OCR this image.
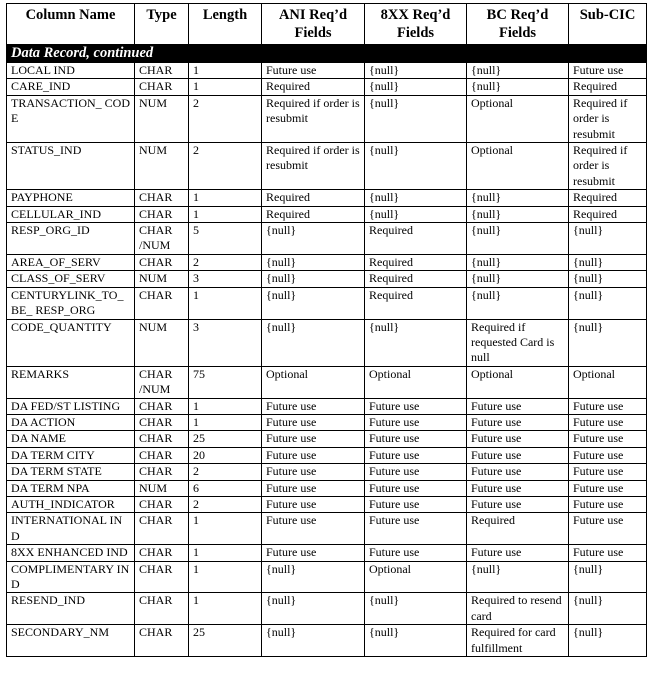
Column Name	Type	Length	ANI Req’d Fields	8XX Req’d Fields	BC Req’d Fields	Sub-CIC
Data Record, continued						
LOCAL IND	CHAR	1	Future use	{null}	{null}	Future use
CARE_IND	CHAR	1	Required	{null}	{null}	Required
TRANSACTION_ CODE	NUM	2	Required if order is resubmit	{null}	Optional	Required if order is resubmit
STATUS_IND	NUM	2	Required if order is resubmit	{null}	Optional	Required if order is resubmit
PAYPHONE	CHAR	1	Required	{null}	{null}	Required
CELLULAR_IND	CHAR	1	Required	{null}	{null}	Required
RESP_ORG_ID	CHAR /NUM	5	{null}	Required	{null}	{null}
AREA_OF_SERV	CHAR	2	{null}	Required	{null}	{null}
CLASS_OF_SERV	NUM	3	{null}	Required	{null}	{null}
CENTURYLINK_TO_BE_ RESP_ORG	CHAR	1	{null}	Required	{null}	{null}
CODE_QUANTITY	NUM	3	{null}	{null}	Required if requested Card is null	{null}
REMARKS	CHAR /NUM	75	Optional	Optional	Optional	Optional
DA FED/ST LISTING	CHAR	1	Future use	Future use	Future use	Future use
DA ACTION	CHAR	1	Future use	Future use	Future use	Future use
DA NAME	CHAR	25	Future use	Future use	Future use	Future use
DA TERM CITY	CHAR	20	Future use	Future use	Future use	Future use
DA TERM STATE	CHAR	2	Future use	Future use	Future use	Future use
DA TERM NPA	NUM	6	Future use	Future use	Future use	Future use
AUTH_INDICATOR	CHAR	2	Future use	Future use	Future use	Future use
INTERNATIONAL IND	CHAR	1	Future use	Future use	Required	Future use
8XX ENHANCED IND	CHAR	1	Future use	Future use	Future use	Future use
COMPLIMENTARY IND	CHAR	1	{null}	Optional	{null}	{null}
RESEND_IND	CHAR	1	{null}	{null}	Required to resend card	{null}
SECONDARY_NM	CHAR	25	{null}	{null}	Required for card fulfillment	{null}
